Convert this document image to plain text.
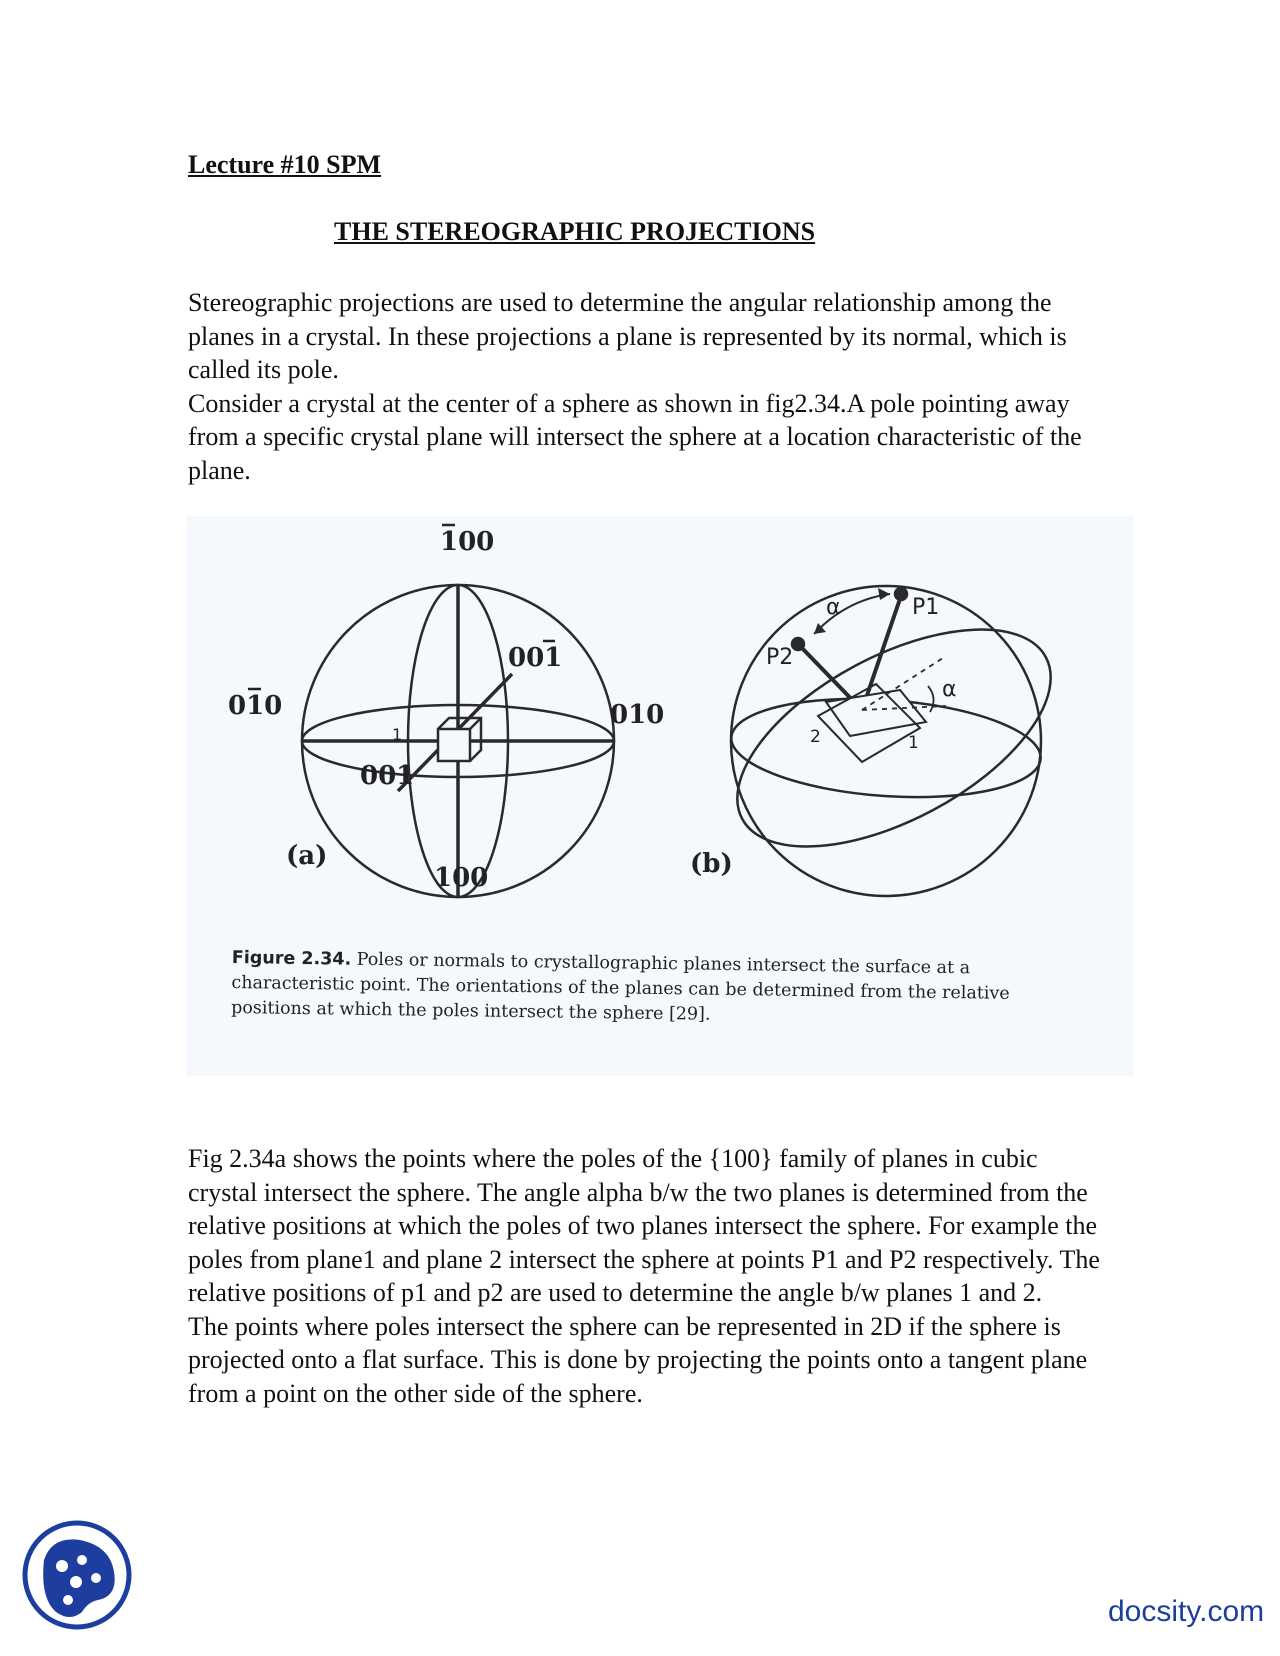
Lecture #10 SPM
THE STEREOGRAPHIC PROJECTIONS
Stereographic projections are used to determine the angular relationship among the planes in a crystal. In these projections a plane is represented by its normal, which is called its pole.
Consider a crystal at the center of a sphere as shown in fig2.34.A pole pointing away from a specific crystal plane will intersect the sphere at a location characteristic of the plane.
100
100
010	010
001
001
1
(a)
P1
P2
α
α
1
2
(b)
Figure 2.34. Poles or normals to crystallographic planes intersect the surface at a characteristic point. The orientations of the planes can be determined from the relative positions at which the poles intersect the sphere [29].
Fig 2.34a shows the points where the poles of the {100} family of planes in cubic crystal intersect the sphere. The angle alpha b/w the two planes is determined from the relative positions at which the poles of two planes intersect the sphere. For example the poles from plane1 and plane 2 intersect the sphere at points P1 and P2 respectively. The relative positions of p1 and p2 are used to determine the angle b/w planes 1 and 2.
The points where poles intersect the sphere can be represented in 2D if the sphere is projected onto a flat surface. This is done by projecting the points onto a tangent plane from a point on the other side of the sphere.
docsity.com
